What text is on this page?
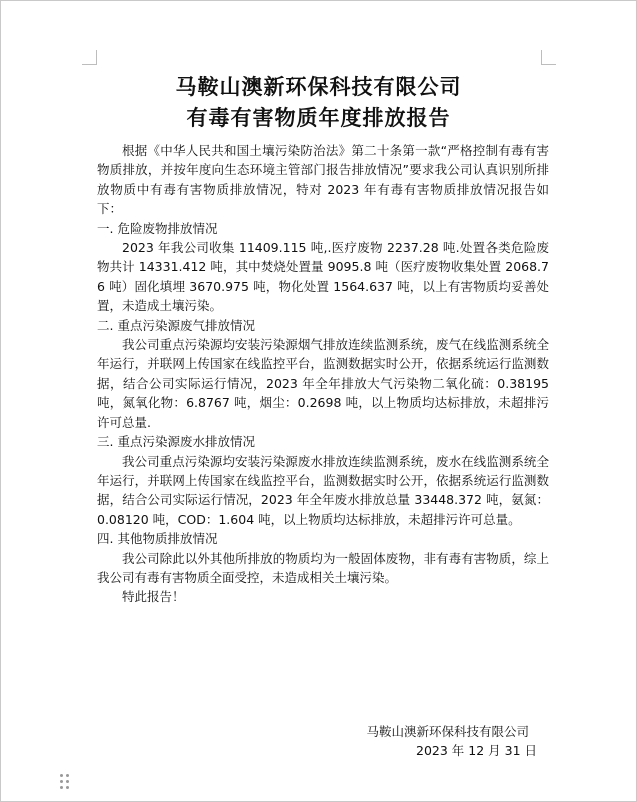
马鞍山澳新环保科技有限公司
有毒有害物质年度排放报告

根据《中华人民共和国土壤污染防治法》第二十条第一款“严格控制有毒有害物质排放，并按年度向生态环境主管部门报告排放情况”要求我公司认真识别所排放物质中有毒有害物质排放情况，特对 2023 年有毒有害物质排放情况报告如下：

一. 危险废物排放情况

2023 年我公司收集 11409.115 吨,.医疗废物 2237.28 吨.处置各类危险废物共计 14331.412 吨，其中焚烧处置量 9095.8 吨（医疗废物收集处置 2068.76 吨）固化填埋 3670.975 吨，物化处置 1564.637 吨，以上有害物质均妥善处置，未造成土壤污染。

二. 重点污染源废气排放情况

我公司重点污染源均安装污染源烟气排放连续监测系统，废气在线监测系统全年运行，并联网上传国家在线监控平台，监测数据实时公开，依据系统运行监测数据，结合公司实际运行情况，2023 年全年排放大气污染物二氧化硫：0.38195 吨，氮氧化物：6.8767 吨，烟尘：0.2698 吨，以上物质均达标排放，未超排污许可总量.

三. 重点污染源废水排放情况

我公司重点污染源均安装污染源废水排放连续监测系统，废水在线监测系统全年运行，并联网上传国家在线监控平台，监测数据实时公开，依据系统运行监测数据，结合公司实际运行情况，2023 年全年废水排放总量 33448.372 吨，氨氮：0.08120 吨，COD：1.604 吨，以上物质均达标排放，未超排污许可总量。

四. 其他物质排放情况

我公司除此以外其他所排放的物质均为一般固体废物，非有毒有害物质，综上我公司有毒有害物质全面受控，未造成相关土壤污染。

特此报告！

马鞍山澳新环保科技有限公司
2023 年 12 月 31 日
